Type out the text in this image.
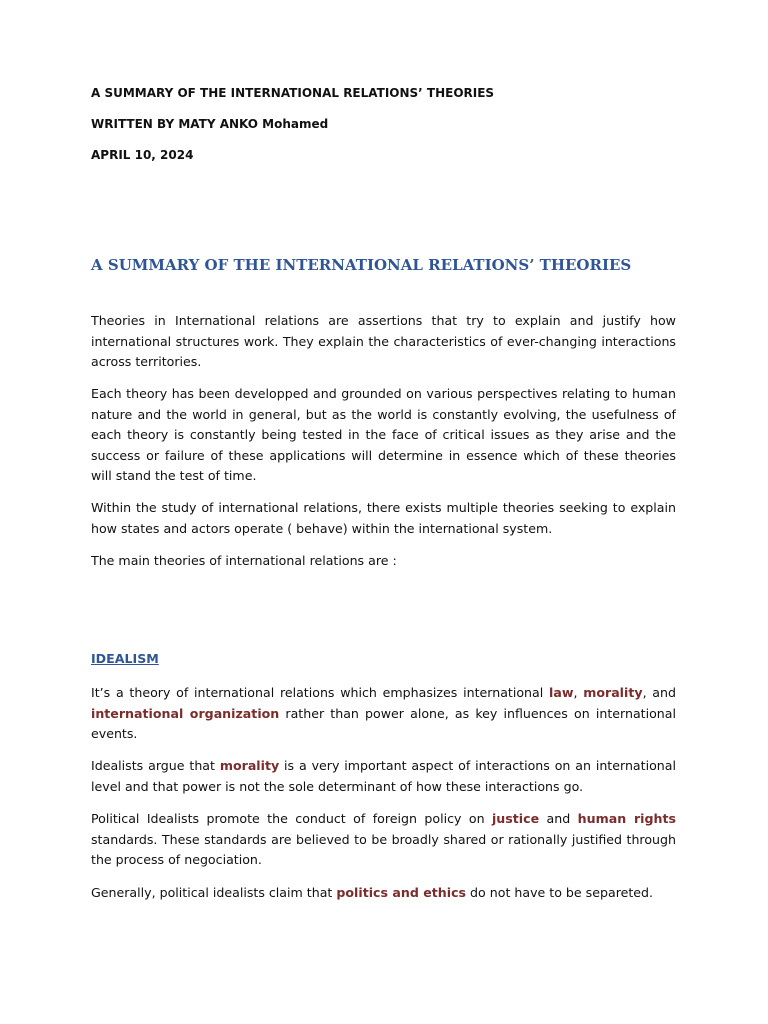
A SUMMARY OF THE INTERNATIONAL RELATIONS’ THEORIES
WRITTEN BY MATY ANKO Mohamed
APRIL 10, 2024
A SUMMARY OF THE INTERNATIONAL RELATIONS’ THEORIES

Theories in International relations are assertions that try to explain and justify how international structures work. They explain the characteristics of ever-changing interactions across territories.

Each theory has been developped and grounded on various perspectives relating to human nature and the world in general, but as the world is constantly evolving, the usefulness of each theory is constantly being tested in the face of critical issues as they arise and the success or failure of these applications will determine in essence which of these theories will stand the test of time.

Within the study of international relations, there exists multiple theories seeking to explain how states and actors operate ( behave) within the international system.

The main theories of international relations are :

IDEALISM

It’s a theory of international relations which emphasizes international law, morality, and international organization rather than power alone, as key influences on international events.

Idealists argue that morality is a very important aspect of interactions on an international level and that power is not the sole determinant of how these interactions go.

Political Idealists promote the conduct of foreign policy on justice and human rights standards. These standards are believed to be broadly shared or rationally justified through the process of negociation.

Generally, political idealists claim that politics and ethics do not have to be separeted.
